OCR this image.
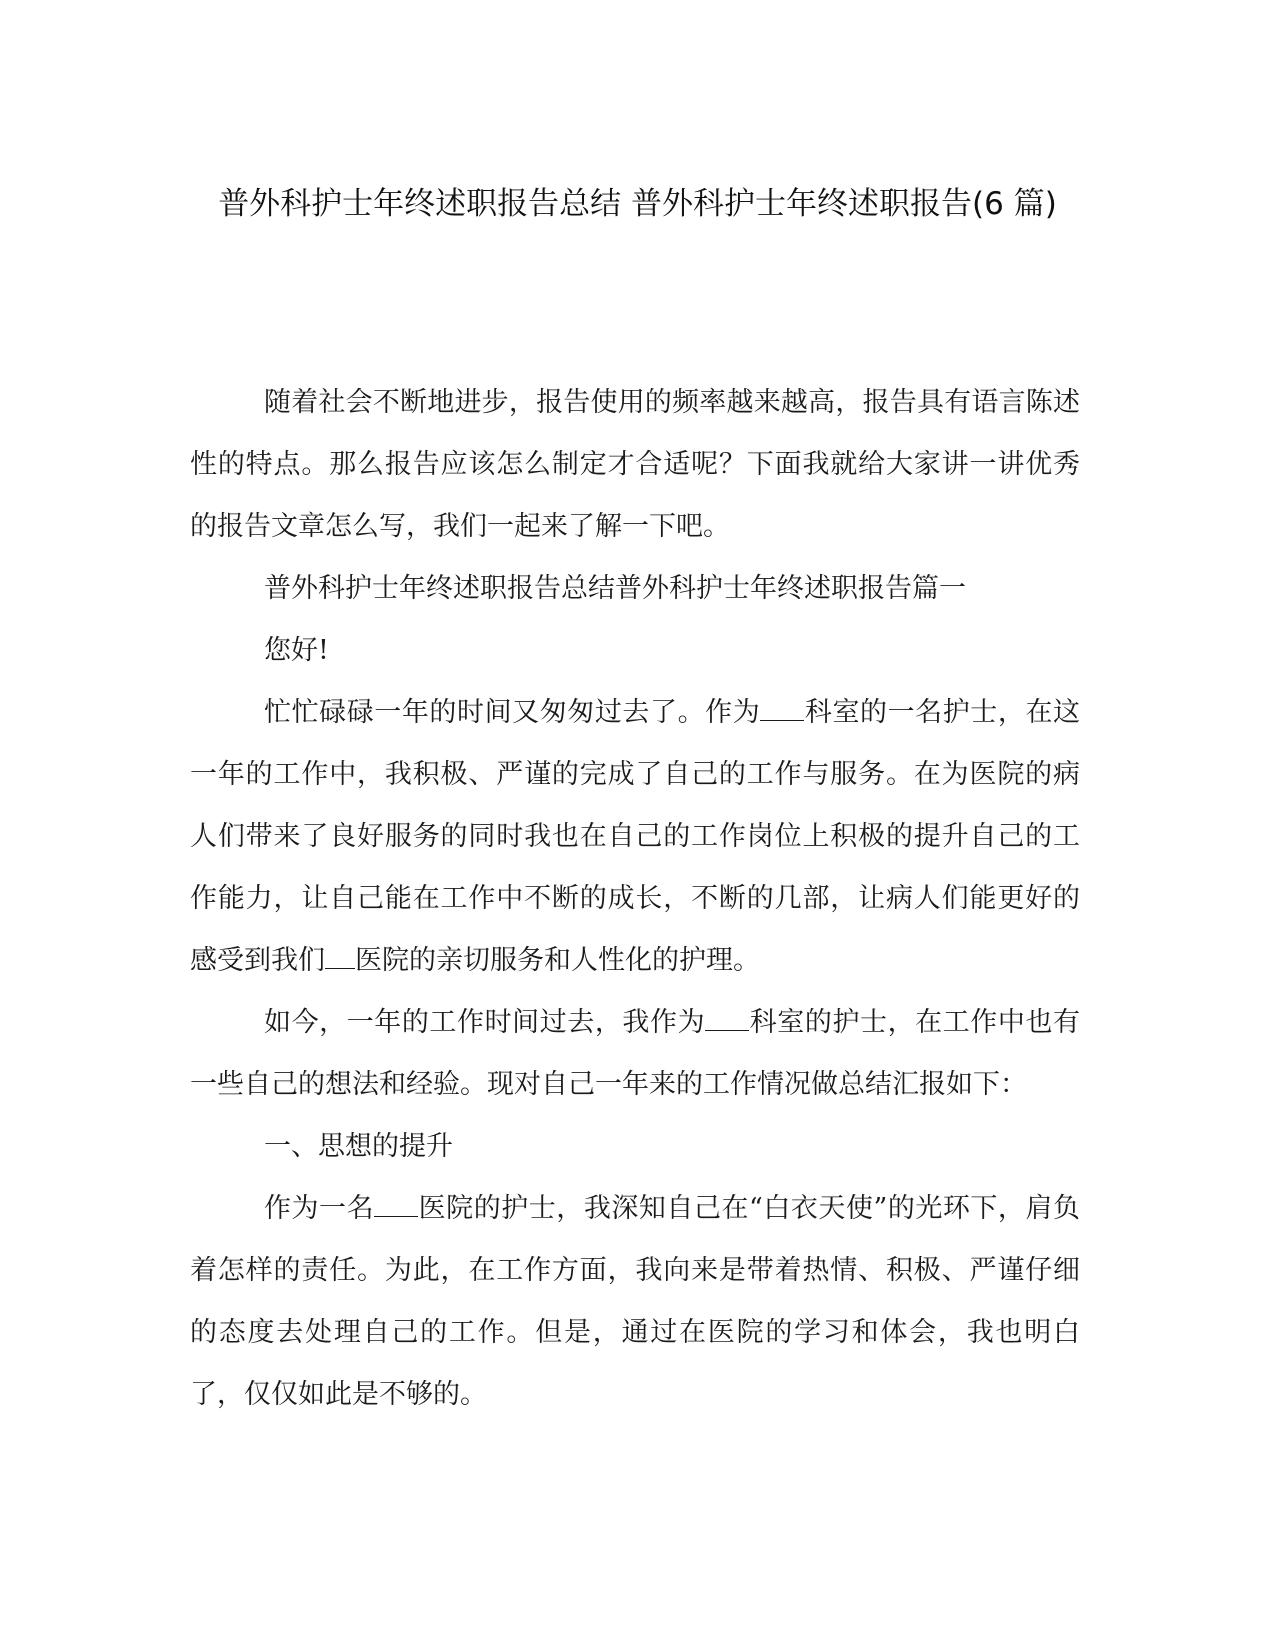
普外科护士年终述职报告总结 普外科护士年终述职报告(6 篇)

随着社会不断地进步，报告使用的频率越来越高，报告具有语言陈述性的特点。那么报告应该怎么制定才合适呢？下面我就给大家讲一讲优秀的报告文章怎么写，我们一起来了解一下吧。

普外科护士年终述职报告总结普外科护士年终述职报告篇一

您好!

忙忙碌碌一年的时间又匆匆过去了。作为 科室的一名护士，在这一年的工作中，我积极、严谨的完成了自己的工作与服务。在为医院的病人们带来了良好服务的同时我也在自己的工作岗位上积极的提升自己的工作能力，让自己能在工作中不断的成长，不断的几部，让病人们能更好的感受到我们 医院的亲切服务和人性化的护理。

如今，一年的工作时间过去，我作为 科室的护士，在工作中也有一些自己的想法和经验。现对自己一年来的工作情况做总结汇报如下：

一、思想的提升

作为一名 医院的护士，我深知自己在“白衣天使”的光环下，肩负着怎样的责任。为此，在工作方面，我向来是带着热情、积极、严谨仔细的态度去处理自己的工作。但是，通过在医院的学习和体会，我也明白了，仅仅如此是不够的。
